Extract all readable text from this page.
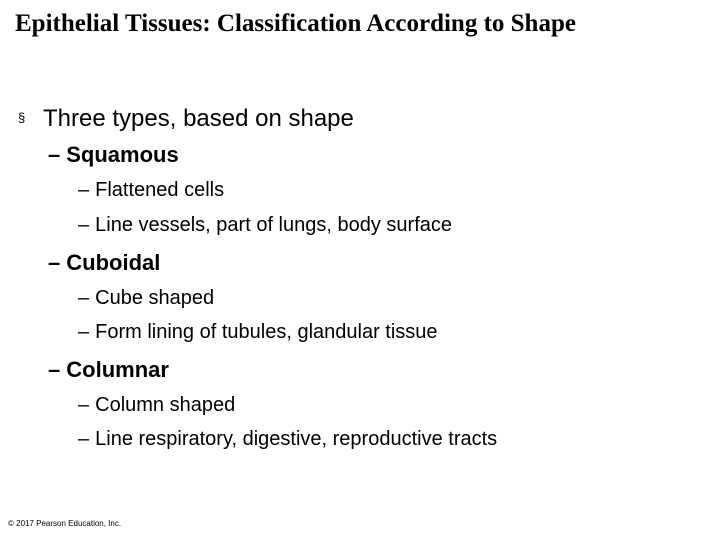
Epithelial Tissues: Classification According to Shape
§ Three types, based on shape
– Squamous
– Flattened cells
– Line vessels, part of lungs, body surface
– Cuboidal
– Cube shaped
– Form lining of tubules, glandular tissue
– Columnar
– Column shaped
– Line respiratory, digestive, reproductive tracts
© 2017 Pearson Education, Inc.
